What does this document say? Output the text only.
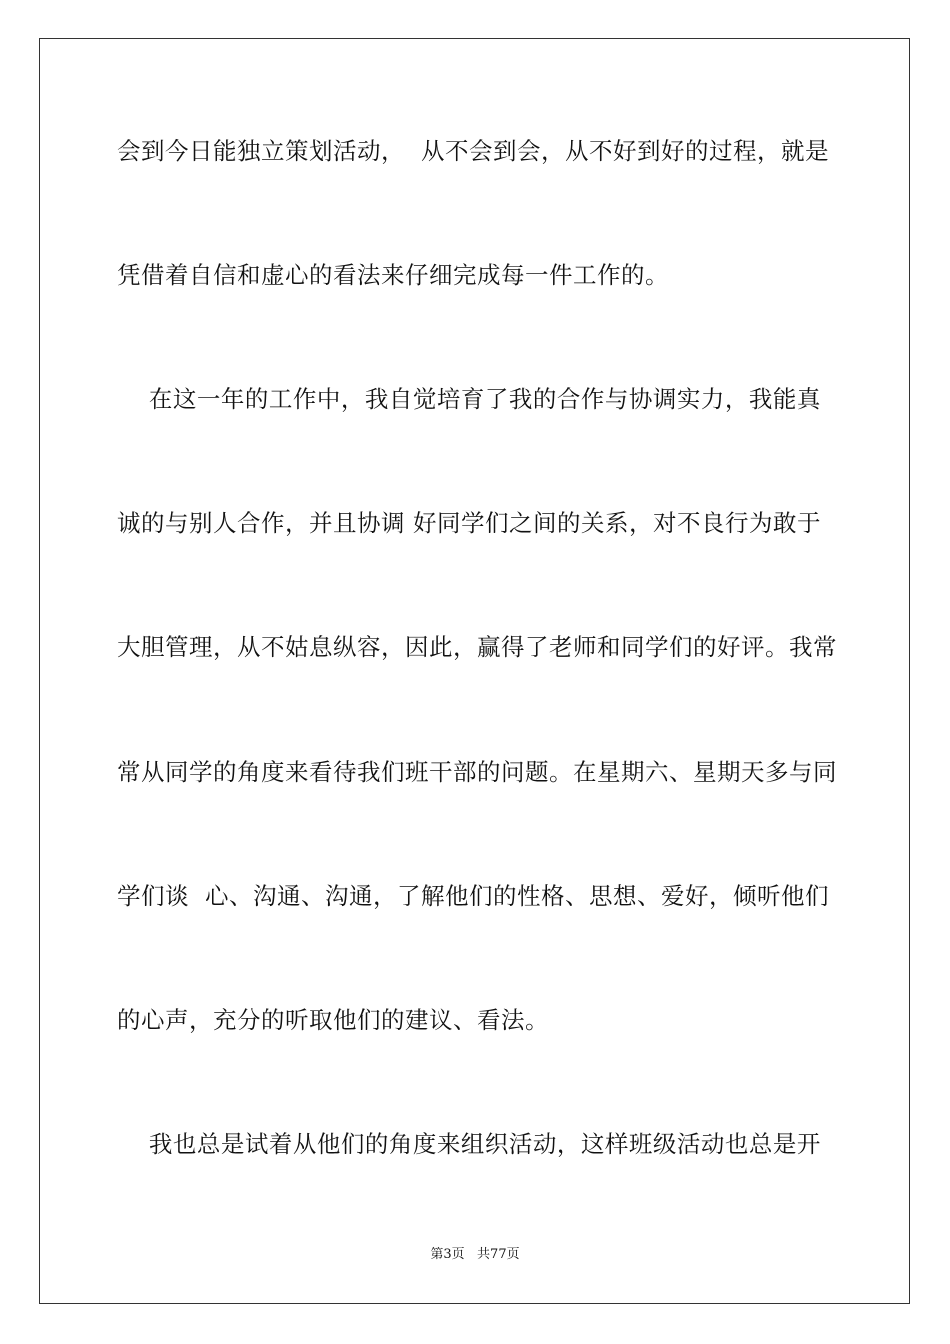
会到今日能独立策划活动，  从不会到会，从不好到好的过程，就是
凭借着自信和虚心的看法来仔细完成每一件工作的。
在这一年的工作中，我自觉培育了我的合作与协调实力，我能真
诚的与别人合作，并且协调 好同学们之间的关系，对不良行为敢于
大胆管理，从不姑息纵容，因此，赢得了老师和同学们的好评。我常
常从同学的角度来看待我们班干部的问题。在星期六、星期天多与同
学们谈  心、沟通、沟通，了解他们的性格、思想、爱好，倾听他们
的心声，充分的听取他们的建议、看法。
我也总是试着从他们的角度来组织活动，这样班级活动也总是开
第3页   共77页
